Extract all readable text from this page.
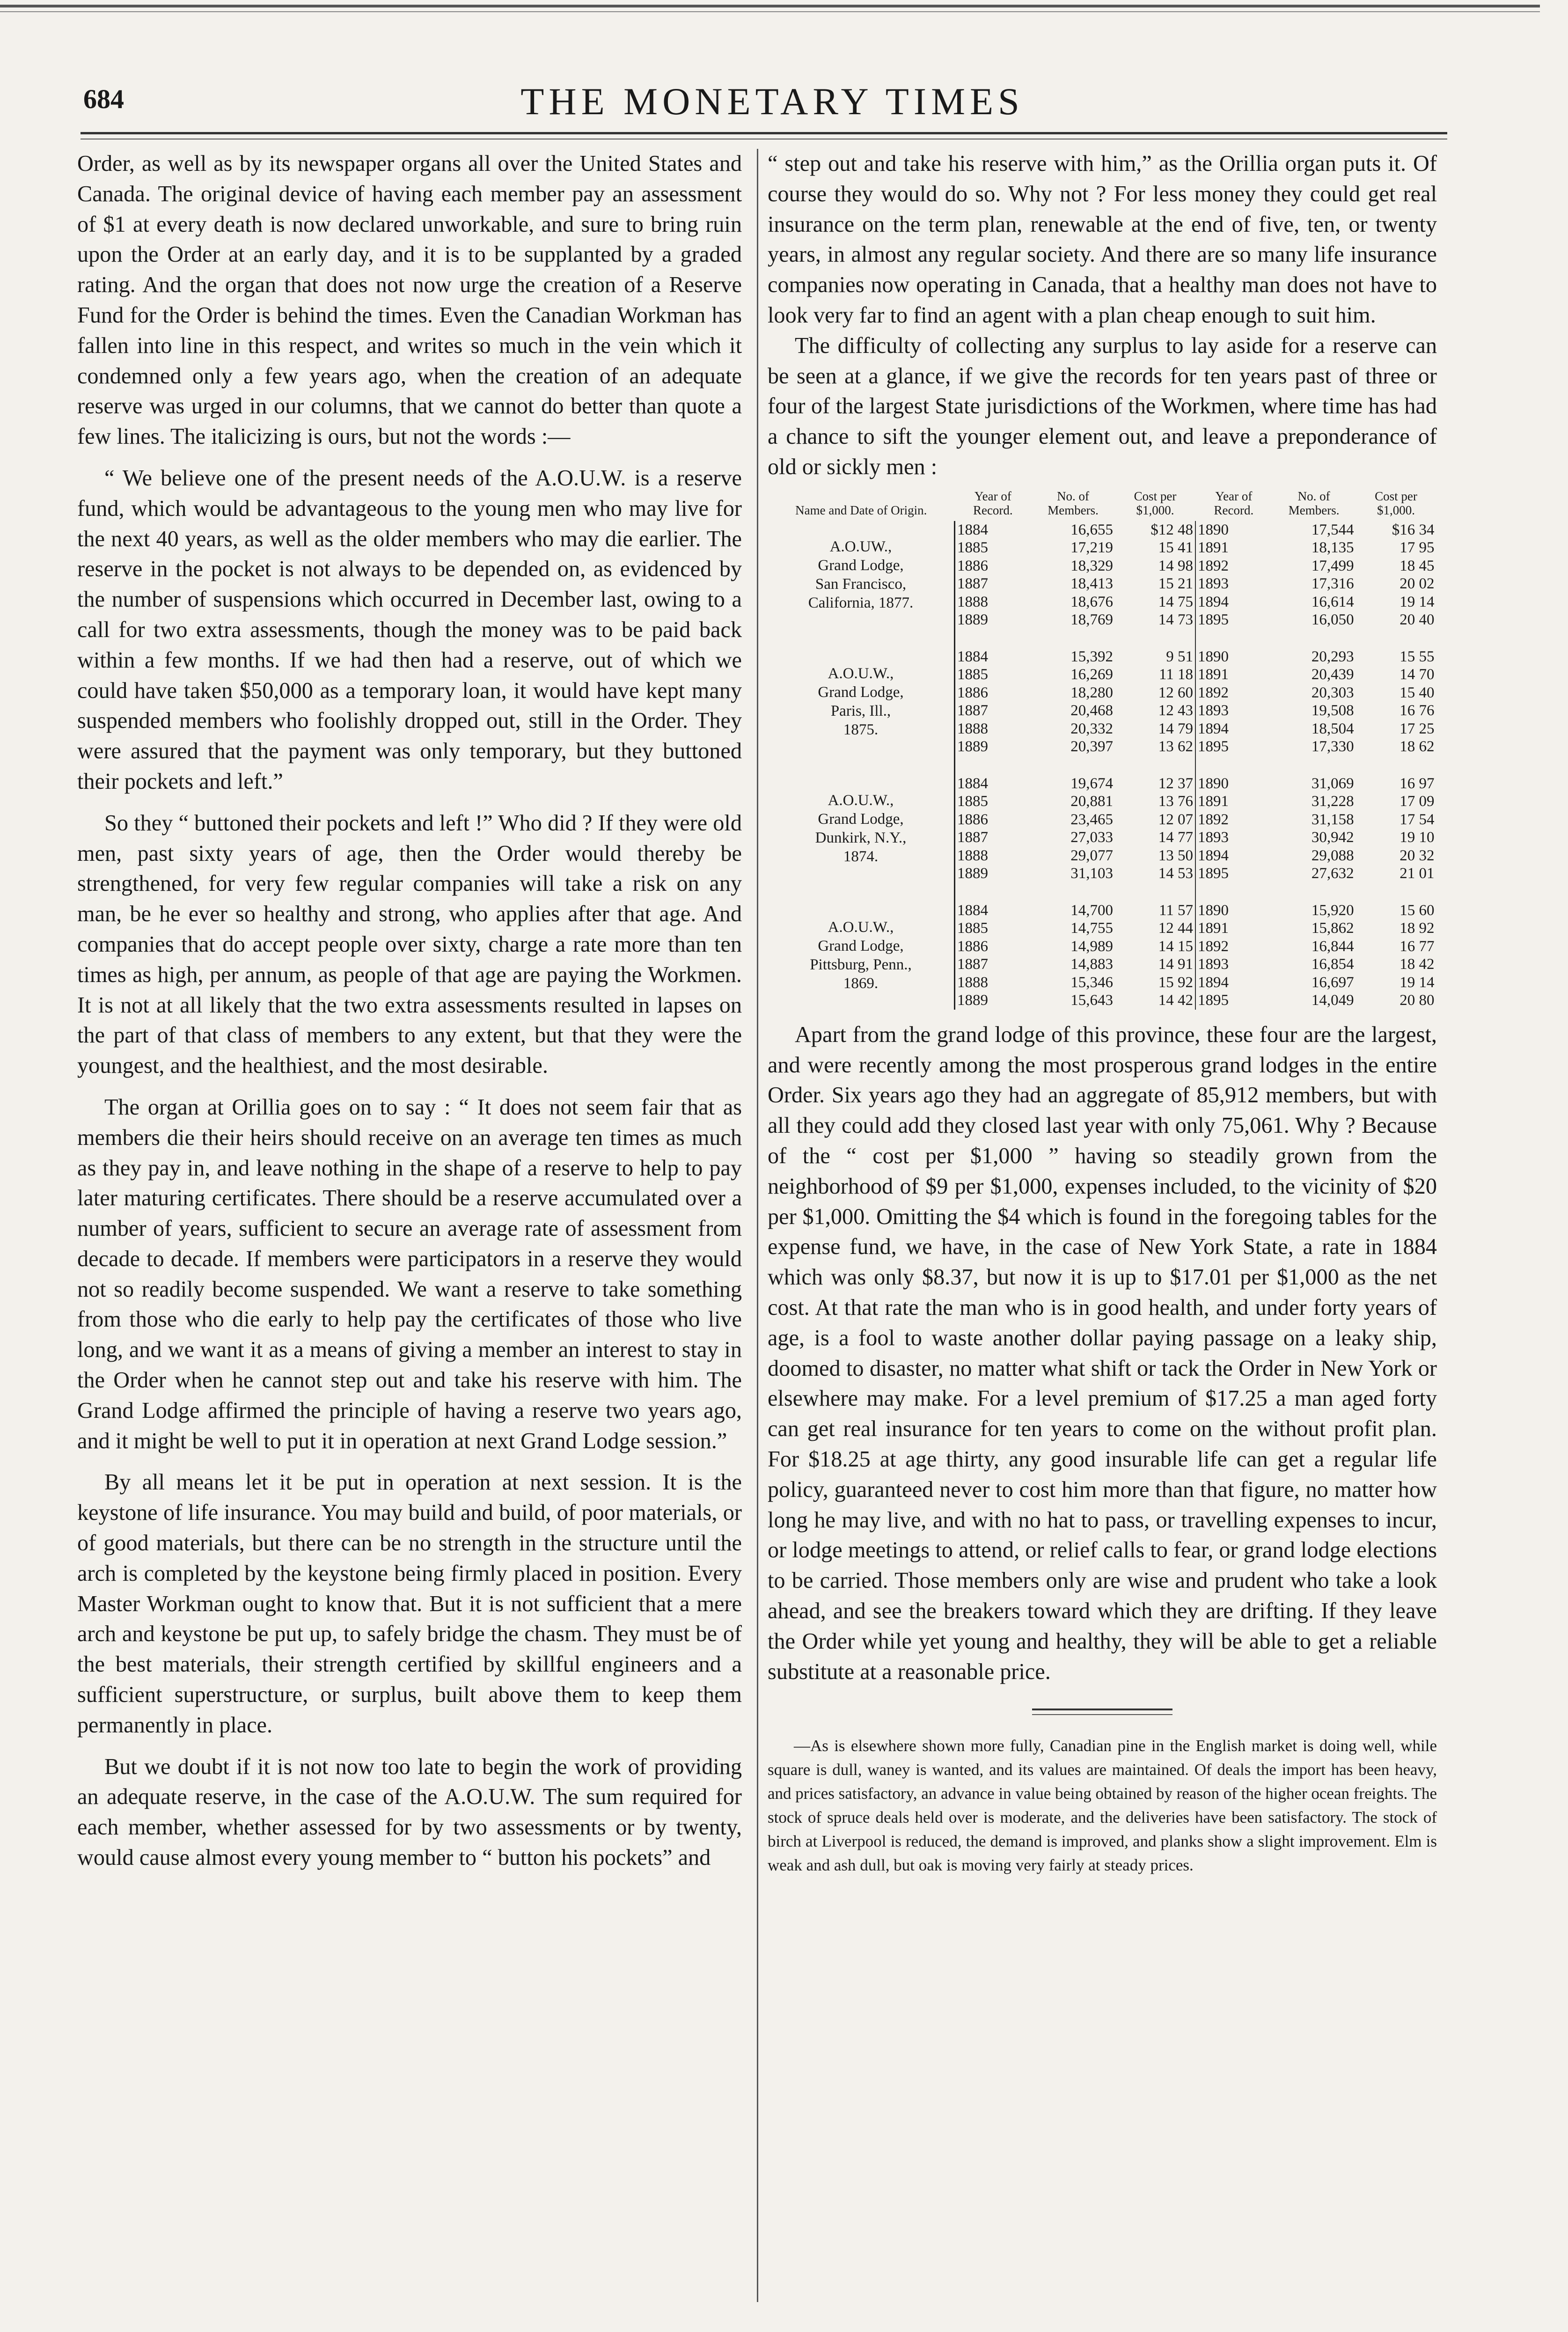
684	THE MONETARY TIMES

Order, as well as by its newspaper organs all over the United States and Canada. The original device of having each member pay an assessment of $1 at every death is now declared unworkable, and sure to bring ruin upon the Order at an early day, and it is to be supplanted by a graded rating. And the organ that does not now urge the creation of a Reserve Fund for the Order is behind the times. Even the Canadian Workman has fallen into line in this respect, and writes so much in the vein which it condemned only a few years ago, when the creation of an adequate reserve was urged in our columns, that we cannot do better than quote a few lines. The italicizing is ours, but not the words :—

“ We believe one of the present needs of the A.O.U.W. is a reserve fund, which would be advantageous to the young men who may live for the next 40 years, as well as the older members who may die earlier. The reserve in the pocket is not always to be depended on, as evidenced by the number of suspensions which occurred in December last, owing to a call for two extra assessments, though the money was to be paid back within a few months. If we had then had a reserve, out of which we could have taken $50,000 as a temporary loan, it would have kept many suspended members who foolishly dropped out, still in the Order. They were assured that the payment was only temporary, but they buttoned their pockets and left.”

So they “ buttoned their pockets and left !” Who did ? If they were old men, past sixty years of age, then the Order would thereby be strengthened, for very few regular companies will take a risk on any man, be he ever so healthy and strong, who applies after that age. And companies that do accept people over sixty, charge a rate more than ten times as high, per annum, as people of that age are paying the Workmen. It is not at all likely that the two extra assessments resulted in lapses on the part of that class of members to any extent, but that they were the youngest, and the healthiest, and the most desirable.

The organ at Orillia goes on to say : “ It does not seem fair that as members die their heirs should receive on an average ten times as much as they pay in, and leave nothing in the shape of a reserve to help to pay later maturing certificates. There should be a reserve accumulated over a number of years, sufficient to secure an average rate of assessment from decade to decade. If members were participators in a reserve they would not so readily become suspended. We want a reserve to take something from those who die early to help pay the certificates of those who live long, and we want it as a means of giving a member an interest to stay in the Order when he cannot step out and take his reserve with him. The Grand Lodge affirmed the principle of having a reserve two years ago, and it might be well to put it in operation at next Grand Lodge session.”

By all means let it be put in operation at next session. It is the keystone of life insurance. You may build and build, of poor materials, or of good materials, but there can be no strength in the structure until the arch is completed by the keystone being firmly placed in position. Every Master Workman ought to know that. But it is not sufficient that a mere arch and keystone be put up, to safely bridge the chasm. They must be of the best materials, their strength certified by skillful engineers and a sufficient superstructure, or surplus, built above them to keep them permanently in place.

But we doubt if it is not now too late to begin the work of providing an adequate reserve, in the case of the A.O.U.W. The sum required for each member, whether assessed for by two assessments or by twenty, would cause almost every young member to “ button his pockets” and

“ step out and take his reserve with him,” as the Orillia organ puts it. Of course they would do so. Why not ? For less money they could get real insurance on the term plan, renewable at the end of five, ten, or twenty years, in almost any regular society. And there are so many life insurance companies now operating in Canada, that a healthy man does not have to look very far to find an agent with a plan cheap enough to suit him.

The difficulty of collecting any surplus to lay aside for a reserve can be seen at a glance, if we give the records for ten years past of three or four of the largest State jurisdictions of the Workmen, where time has had a chance to sift the younger element out, and leave a preponderance of old or sickly men :

Name and Date of Origin.	Year of Record.	No. of Members.	Cost per $1,000.	Year of Record.	No. of Members.	Cost per $1,000.

A.O.UW.,
Grand Lodge,
San Francisco,
California, 1877.	1884	16,655	$12 48	1890	17,544	$16 34
	1885	17,219	15 41	1891	18,135	17 95
	1886	18,329	14 98	1892	17,499	18 45
	1887	18,413	15 21	1893	17,316	20 02
	1888	18,676	14 75	1894	16,614	19 14
	1889	18,769	14 73	1895	16,050	20 40

A.O.U.W.,
Grand Lodge,
Paris, Ill.,
1875.	1884	15,392	9 51	1890	20,293	15 55
	1885	16,269	11 18	1891	20,439	14 70
	1886	18,280	12 60	1892	20,303	15 40
	1887	20,468	12 43	1893	19,508	16 76
	1888	20,332	14 79	1894	18,504	17 25
	1889	20,397	13 62	1895	17,330	18 62

A.O.U.W.,
Grand Lodge,
Dunkirk, N.Y.,
1874.	1884	19,674	12 37	1890	31,069	16 97
	1885	20,881	13 76	1891	31,228	17 09
	1886	23,465	12 07	1892	31,158	17 54
	1887	27,033	14 77	1893	30,942	19 10
	1888	29,077	13 50	1894	29,088	20 32
	1889	31,103	14 53	1895	27,632	21 01

A.O.U.W.,
Grand Lodge,
Pittsburg, Penn.,
1869.	1884	14,700	11 57	1890	15,920	15 60
	1885	14,755	12 44	1891	15,862	18 92
	1886	14,989	14 15	1892	16,844	16 77
	1887	14,883	14 91	1893	16,854	18 42
	1888	15,346	15 92	1894	16,697	19 14
	1889	15,643	14 42	1895	14,049	20 80

Apart from the grand lodge of this province, these four are the largest, and were recently among the most prosperous grand lodges in the entire Order. Six years ago they had an aggregate of 85,912 members, but with all they could add they closed last year with only 75,061. Why ? Because of the “ cost per $1,000 ” having so steadily grown from the neighborhood of $9 per $1,000, expenses included, to the vicinity of $20 per $1,000. Omitting the $4 which is found in the foregoing tables for the expense fund, we have, in the case of New York State, a rate in 1884 which was only $8.37, but now it is up to $17.01 per $1,000 as the net cost. At that rate the man who is in good health, and under forty years of age, is a fool to waste another dollar paying passage on a leaky ship, doomed to disaster, no matter what shift or tack the Order in New York or elsewhere may make. For a level premium of $17.25 a man aged forty can get real insurance for ten years to come on the without profit plan. For $18.25 at age thirty, any good insurable life can get a regular life policy, guaranteed never to cost him more than that figure, no matter how long he may live, and with no hat to pass, or travelling expenses to incur, or lodge meetings to attend, or relief calls to fear, or grand lodge elections to be carried. Those members only are wise and prudent who take a look ahead, and see the breakers toward which they are drifting. If they leave the Order while yet young and healthy, they will be able to get a reliable substitute at a reasonable price.

—As is elsewhere shown more fully, Canadian pine in the English market is doing well, while square is dull, waney is wanted, and its values are maintained. Of deals the import has been heavy, and prices satisfactory, an advance in value being obtained by reason of the higher ocean freights. The stock of spruce deals held over is moderate, and the deliveries have been satisfactory. The stock of birch at Liverpool is reduced, the demand is improved, and planks show a slight improvement. Elm is weak and ash dull, but oak is moving very fairly at steady prices.
